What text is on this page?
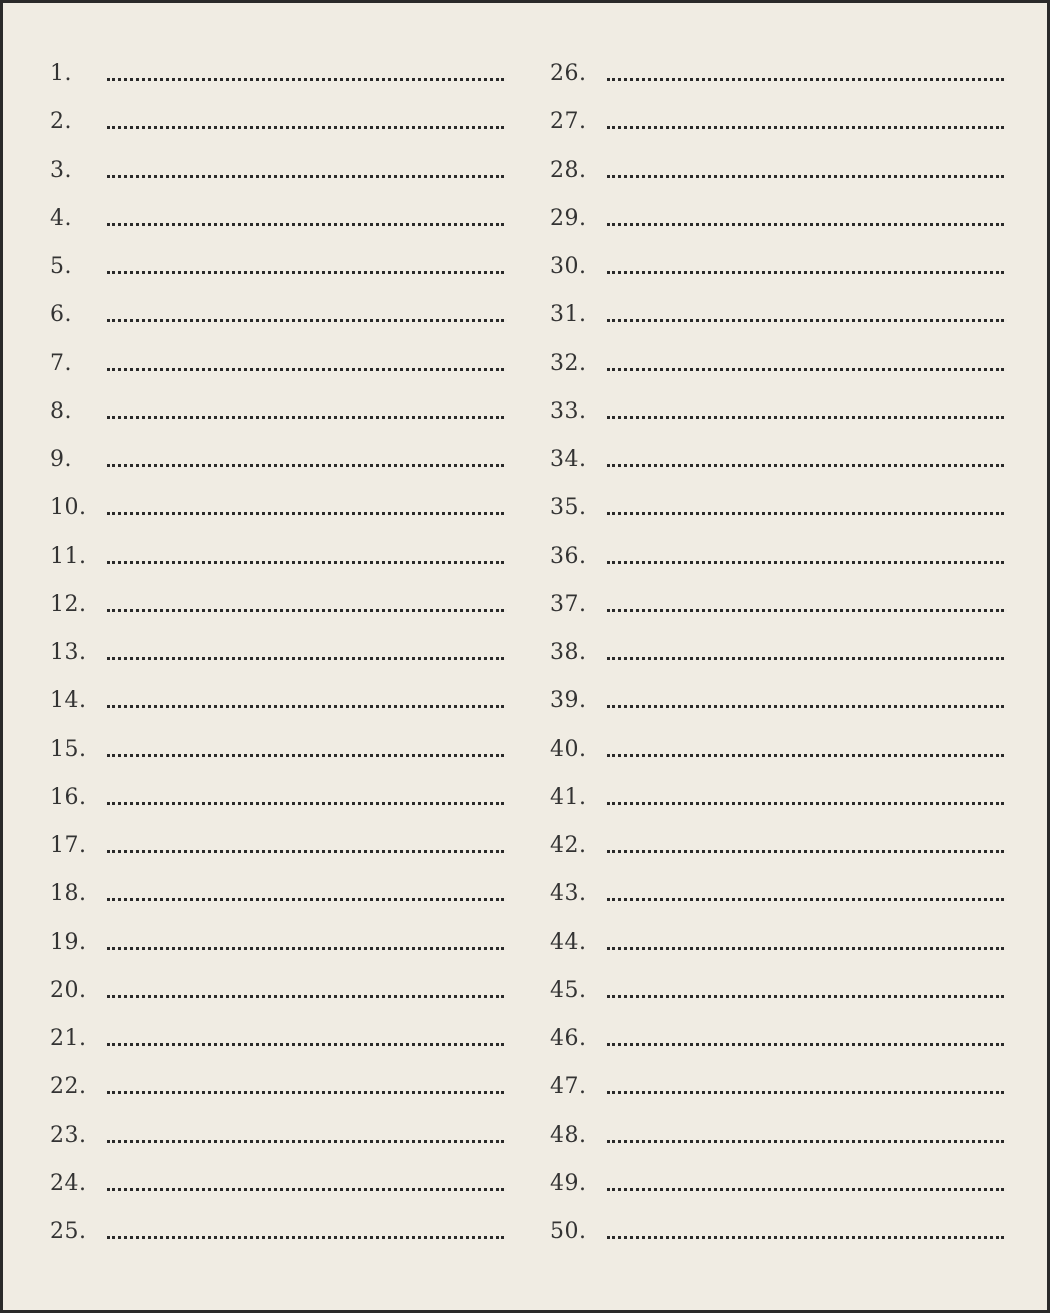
1.
2.
3.
4.
5.
6.
7.
8.
9.
10.
11.
12.
13.
14.
15.
16.
17.
18.
19.
20.
21.
22.
23.
24.
25.
26.
27.
28.
29.
30.
31.
32.
33.
34.
35.
36.
37.
38.
39.
40.
41.
42.
43.
44.
45.
46.
47.
48.
49.
50.
